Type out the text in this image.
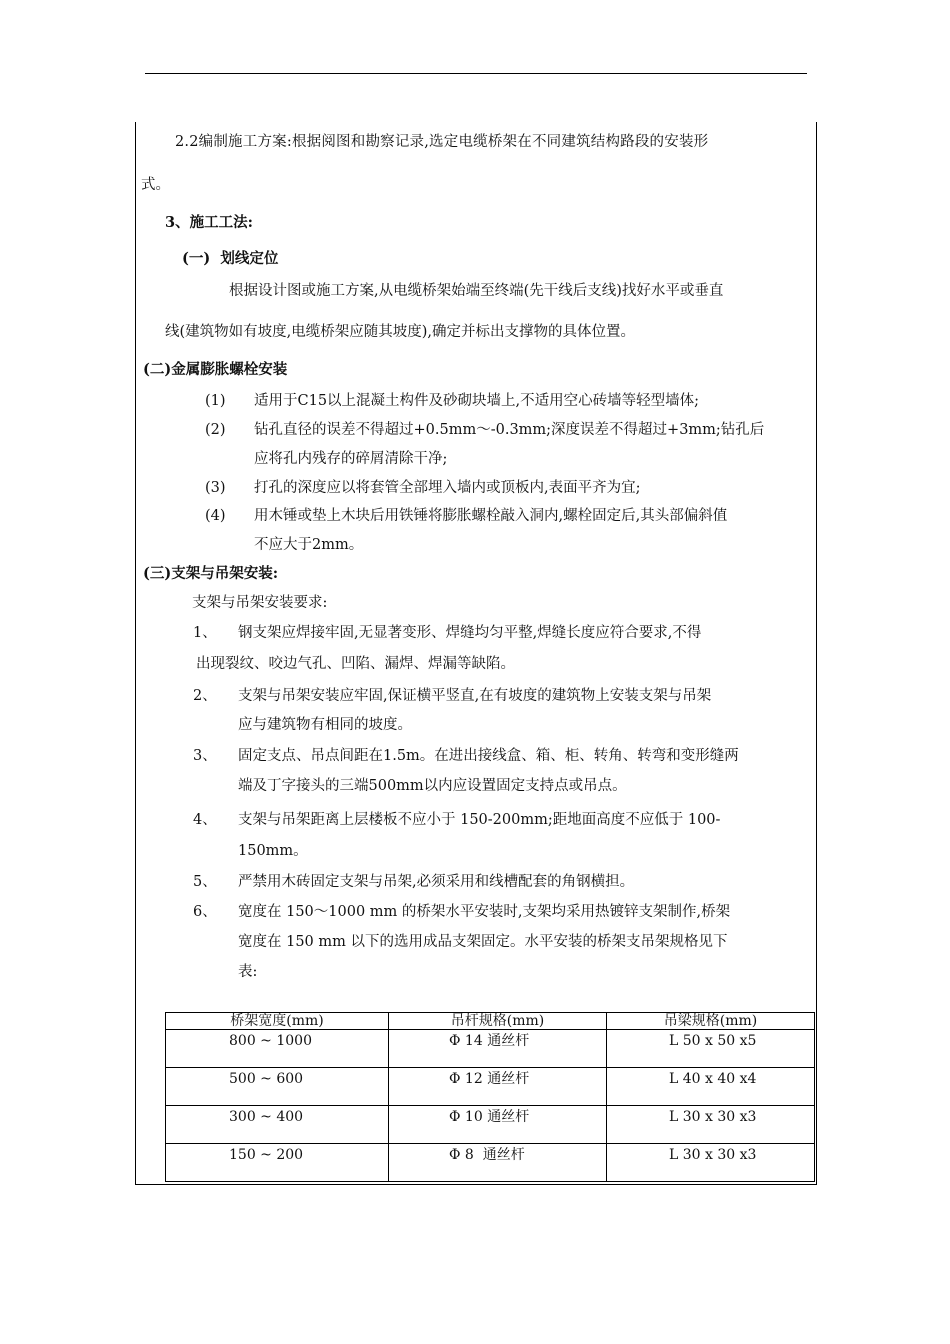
2.2编制施工方案:根据阅图和勘察记录,选定电缆桥架在不同建筑结构路段的安装形
式。
3、施工工法:
(一)  划线定位
根据设计图或施工方案,从电缆桥架始端至终端(先干线后支线)找好水平或垂直
线(建筑物如有坡度,电缆桥架应随其坡度),确定并标出支撑物的具体位置。
(二)金属膨胀螺栓安装
(1) 适用于C15以上混凝土构件及砂砌块墙上,不适用空心砖墙等轻型墙体;
(2) 钻孔直径的误差不得超过+0.5mm～-0.3mm;深度误差不得超过+3mm;钻孔后
应将孔内残存的碎屑清除干净;
(3) 打孔的深度应以将套管全部埋入墙内或顶板内,表面平齐为宜;
(4) 用木锤或垫上木块后用铁锤将膨胀螺栓敲入洞内,螺栓固定后,其头部偏斜值
不应大于2mm。
(三)支架与吊架安装:
支架与吊架安装要求:
1、 钢支架应焊接牢固,无显著变形、焊缝均匀平整,焊缝长度应符合要求,不得
出现裂纹、咬边气孔、凹陷、漏焊、焊漏等缺陷。
2、 支架与吊架安装应牢固,保证横平竖直,在有坡度的建筑物上安装支架与吊架
应与建筑物有相同的坡度。
3、 固定支点、吊点间距在1.5m。在进出接线盒、箱、柜、转角、转弯和变形缝两
端及丁字接头的三端500mm以内应设置固定支持点或吊点。
4、 支架与吊架距离上层楼板不应小于 150-200mm;距地面高度不应低于 100-
150mm。
5、 严禁用木砖固定支架与吊架,必须采用和线槽配套的角钢横担。
6、 宽度在 150～1000 mm 的桥架水平安装时,支架均采用热镀锌支架制作,桥架
宽度在 150 mm 以下的选用成品支架固定。水平安装的桥架支吊架规格见下
表:
桥架宽度(mm)	吊杆规格(mm)	吊梁规格(mm)

800 ~ 1000	Φ 14 通丝杆	L 50 x 50 x5

500 ~ 600	Φ 12 通丝杆	L 40 x 40 x4

300 ~ 400	Φ 10 通丝杆	L 30 x 30 x3

150 ~ 200	Φ 8  通丝杆	L 30 x 30 x3
